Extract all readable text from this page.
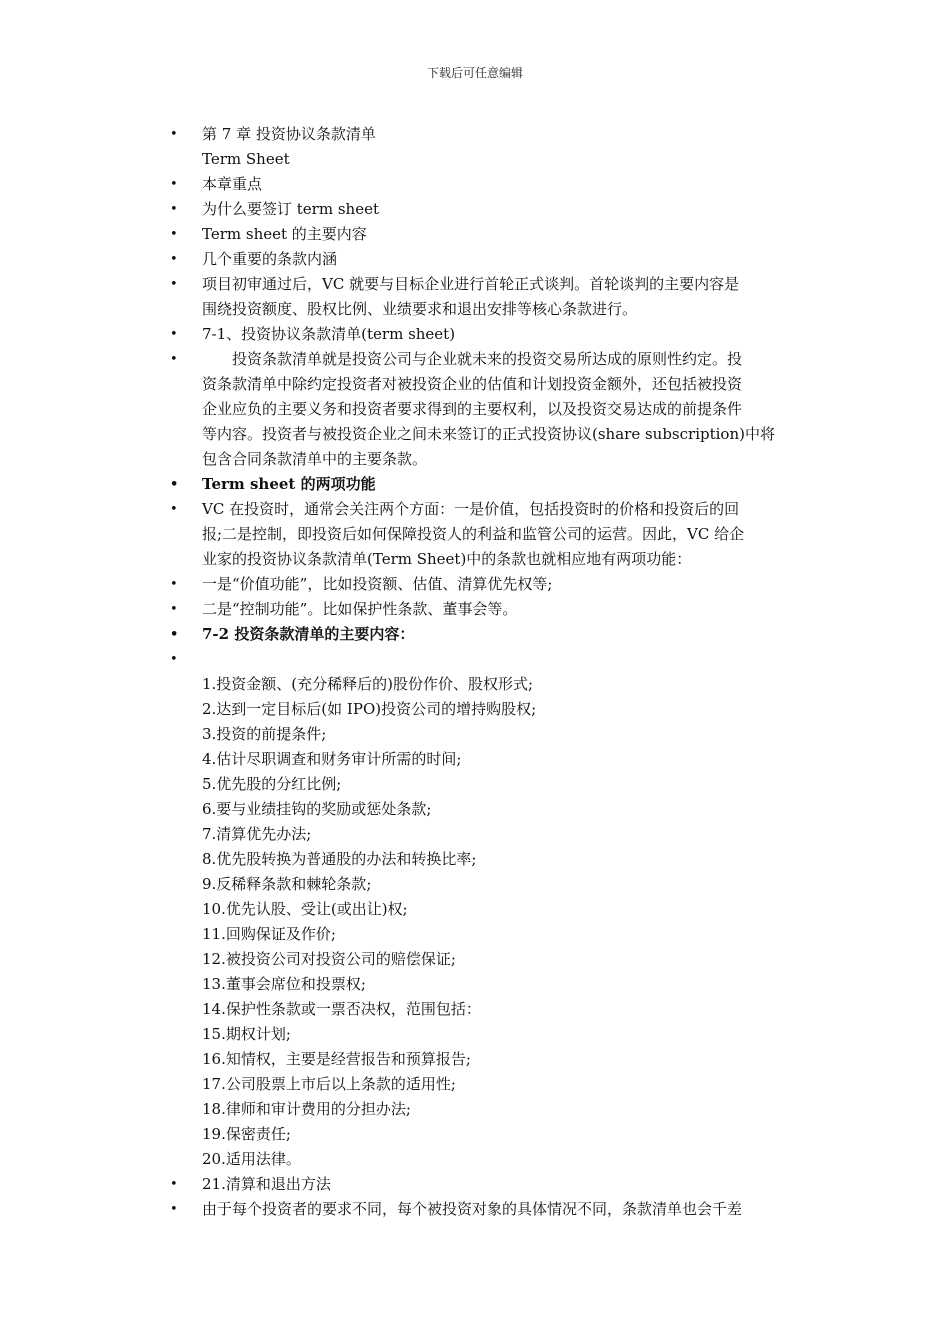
下载后可任意编辑
• 第 7 章 投资协议条款清单
Term Sheet
• 本章重点
• 为什么要签订 term sheet
• Term sheet 的主要内容
• 几个重要的条款内涵
• 项目初审通过后，VC 就要与目标企业进行首轮正式谈判。首轮谈判的主要内容是
围绕投资额度、股权比例、业绩要求和退出安排等核心条款进行。
• 7-1、投资协议条款清单(term sheet)
• 　　投资条款清单就是投资公司与企业就未来的投资交易所达成的原则性约定。投
资条款清单中除约定投资者对被投资企业的估值和计划投资金额外，还包括被投资
企业应负的主要义务和投资者要求得到的主要权利，以及投资交易达成的前提条件
等内容。投资者与被投资企业之间未来签订的正式投资协议(share subscription)中将
包含合同条款清单中的主要条款。
• Term sheet 的两项功能
• VC 在投资时，通常会关注两个方面：一是价值，包括投资时的价格和投资后的回
报;二是控制，即投资后如何保障投资人的利益和监管公司的运营。因此，VC 给企
业家的投资协议条款清单(Term Sheet)中的条款也就相应地有两项功能：
• 一是“价值功能”，比如投资额、估值、清算优先权等;
• 二是“控制功能”。比如保护性条款、董事会等。
• 7-2 投资条款清单的主要内容：
•

1.投资金额、(充分稀释后的)股份作价、股权形式;
2.达到一定目标后(如 IPO)投资公司的增持购股权;
3.投资的前提条件;
4.估计尽职调查和财务审计所需的时间;
5.优先股的分红比例;
6.要与业绩挂钩的奖励或惩处条款;
7.清算优先办法;
8.优先股转换为普通股的办法和转换比率;
9.反稀释条款和棘轮条款;
10.优先认股、受让(或出让)权;
11.回购保证及作价;
12.被投资公司对投资公司的赔偿保证;
13.董事会席位和投票权;
14.保护性条款或一票否决权，范围包括：
15.期权计划;
16.知情权，主要是经营报告和预算报告;
17.公司股票上市后以上条款的适用性;
18.律师和审计费用的分担办法;
19.保密责任;
20.适用法律。
• 21.清算和退出方法
• 由于每个投资者的要求不同，每个被投资对象的具体情况不同，条款清单也会千差
